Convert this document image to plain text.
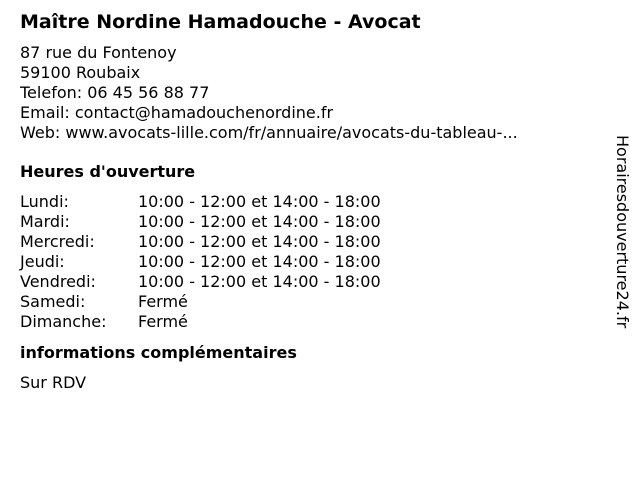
Maître Nordine Hamadouche - Avocat
87 rue du Fontenoy
59100 Roubaix
Telefon: 06 45 56 88 77
Email: contact@hamadouchenordine.fr
Web: www.avocats-lille.com/fr/annuaire/avocats-du-tableau-...
Heures d'ouverture
Lundi:	10:00 - 12:00 et 14:00 - 18:00
Mardi:	10:00 - 12:00 et 14:00 - 18:00
Mercredi:	10:00 - 12:00 et 14:00 - 18:00
Jeudi:	10:00 - 12:00 et 14:00 - 18:00
Vendredi:	10:00 - 12:00 et 14:00 - 18:00
Samedi:	Fermé
Dimanche:	Fermé
informations complémentaires
Sur RDV
Horairesdouverture24.fr
